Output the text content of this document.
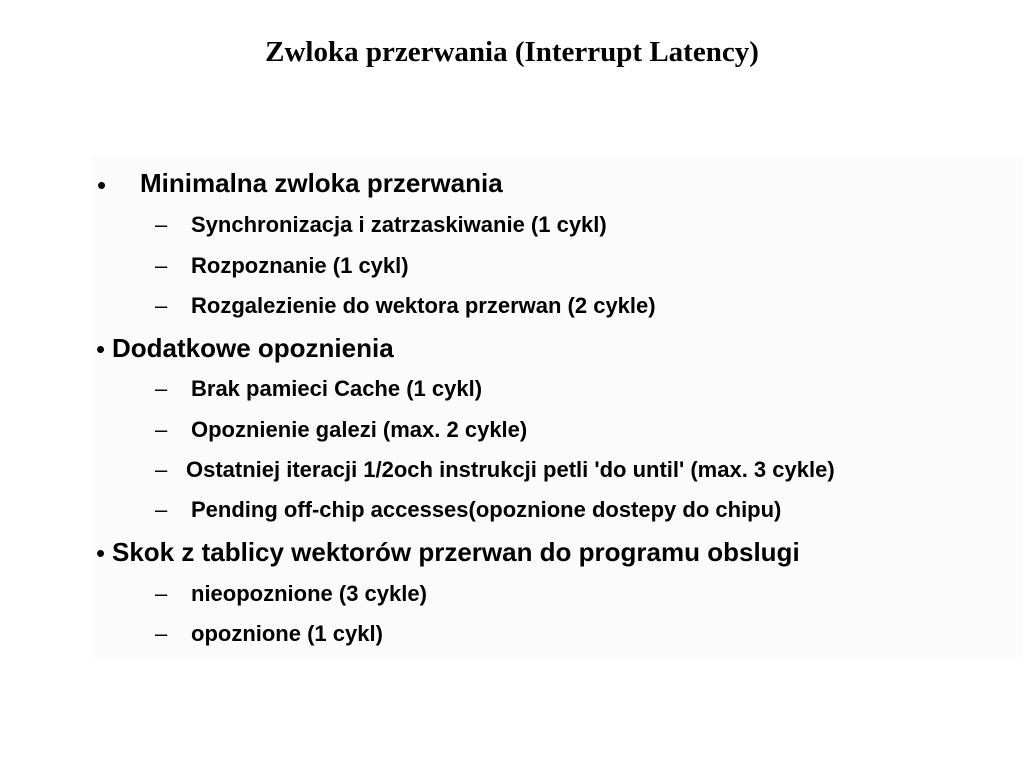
Zwloka przerwania (Interrupt Latency)
• Minimalna zwloka przerwania
– Synchronizacja i zatrzaskiwanie (1 cykl)
– Rozpoznanie (1 cykl)
– Rozgalezienie do wektora przerwan (2 cykle)
• Dodatkowe opoznienia
– Brak pamieci Cache (1 cykl)
– Opoznienie galezi (max. 2 cykle)
– Ostatniej iteracji 1/2och instrukcji petli 'do until' (max. 3 cykle)
– Pending off-chip accesses(opoznione dostepy do chipu)
• Skok z tablicy wektorów przerwan do programu obslugi
– nieopoznione (3 cykle)
– opoznione (1 cykl)
